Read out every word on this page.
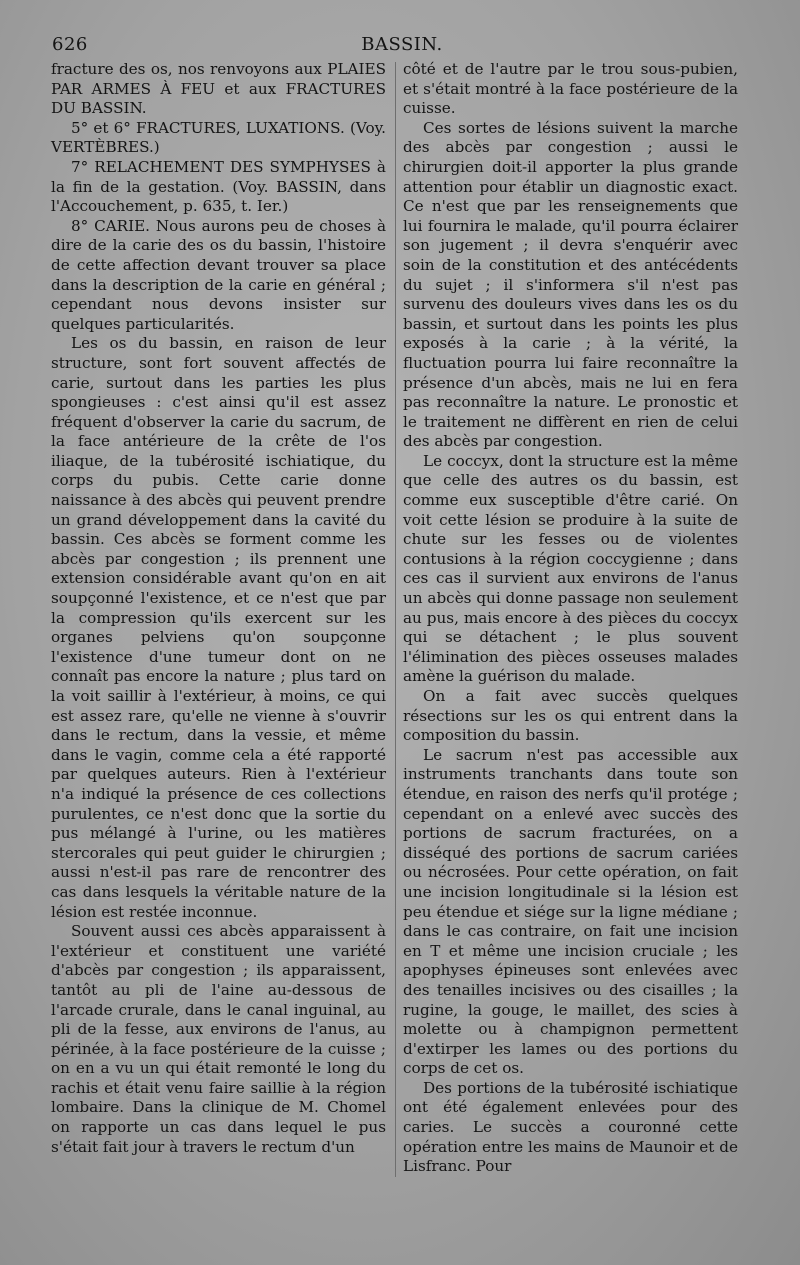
626	BASSIN.

fracture des os, nos renvoyons aux PLAIES PAR ARMES À FEU et aux FRACTURES DU BASSIN.

5° et 6° FRACTURES, LUXATIONS. (Voy. VERTÈBRES.)

7° RELACHEMENT DES SYMPHYSES à la fin de la gestation. (Voy. BASSIN, dans l'Accouchement, p. 635, t. Ier.)

8° CARIE. Nous aurons peu de choses à dire de la carie des os du bassin, l'histoire de cette affection devant trouver sa place dans la description de la carie en général ; cependant nous devons insister sur quelques particularités.

Les os du bassin, en raison de leur structure, sont fort souvent affectés de carie, surtout dans les parties les plus spongieuses : c'est ainsi qu'il est assez fréquent d'observer la carie du sacrum, de la face antérieure de la crête de l'os iliaque, de la tubérosité ischiatique, du corps du pubis. Cette carie donne naissance à des abcès qui peuvent prendre un grand développement dans la cavité du bassin. Ces abcès se forment comme les abcès par congestion ; ils prennent une extension considérable avant qu'on en ait soupçonné l'existence, et ce n'est que par la compression qu'ils exercent sur les organes pelviens qu'on soupçonne l'existence d'une tumeur dont on ne connaît pas encore la nature ; plus tard on la voit saillir à l'extérieur, à moins, ce qui est assez rare, qu'elle ne vienne à s'ouvrir dans le rectum, dans la vessie, et même dans le vagin, comme cela a été rapporté par quelques auteurs. Rien à l'extérieur n'a indiqué la présence de ces collections purulentes, ce n'est donc que la sortie du pus mélangé à l'urine, ou les matières stercorales qui peut guider le chirurgien ; aussi n'est-il pas rare de rencontrer des cas dans lesquels la véritable nature de la lésion est restée inconnue.

Souvent aussi ces abcès apparaissent à l'extérieur et constituent une variété d'abcès par congestion ; ils apparaissent, tantôt au pli de l'aine au-dessous de l'arcade crurale, dans le canal inguinal, au pli de la fesse, aux environs de l'anus, au périnée, à la face postérieure de la cuisse ; on en a vu un qui était remonté le long du rachis et était venu faire saillie à la région lombaire. Dans la clinique de M. Chomel on rapporte un cas dans lequel le pus s'était fait jour à travers le rectum d'un

côté et de l'autre par le trou sous-pubien, et s'était montré à la face postérieure de la cuisse.

Ces sortes de lésions suivent la marche des abcès par congestion ; aussi le chirurgien doit-il apporter la plus grande attention pour établir un diagnostic exact. Ce n'est que par les renseignements que lui fournira le malade, qu'il pourra éclairer son jugement ; il devra s'enquérir avec soin de la constitution et des antécédents du sujet ; il s'informera s'il n'est pas survenu des douleurs vives dans les os du bassin, et surtout dans les points les plus exposés à la carie ; à la vérité, la fluctuation pourra lui faire reconnaître la présence d'un abcès, mais ne lui en fera pas reconnaître la nature. Le pronostic et le traitement ne diffèrent en rien de celui des abcès par congestion.

Le coccyx, dont la structure est la même que celle des autres os du bassin, est comme eux susceptible d'être carié. On voit cette lésion se produire à la suite de chute sur les fesses ou de violentes contusions à la région coccygienne ; dans ces cas il survient aux environs de l'anus un abcès qui donne passage non seulement au pus, mais encore à des pièces du coccyx qui se détachent ; le plus souvent l'élimination des pièces osseuses malades amène la guérison du malade.

On a fait avec succès quelques résections sur les os qui entrent dans la composition du bassin.

Le sacrum n'est pas accessible aux instruments tranchants dans toute son étendue, en raison des nerfs qu'il protége ; cependant on a enlevé avec succès des portions de sacrum fracturées, on a disséqué des portions de sacrum cariées ou nécrosées. Pour cette opération, on fait une incision longitudinale si la lésion est peu étendue et siége sur la ligne médiane ; dans le cas contraire, on fait une incision en T et même une incision cruciale ; les apophyses épineuses sont enlevées avec des tenailles incisives ou des cisailles ; la rugine, la gouge, le maillet, des scies à molette ou à champignon permettent d'extirper les lames ou des portions du corps de cet os.

Des portions de la tubérosité ischiatique ont été également enlevées pour des caries. Le succès a couronné cette opération entre les mains de Maunoir et de Lisfranc. Pour
